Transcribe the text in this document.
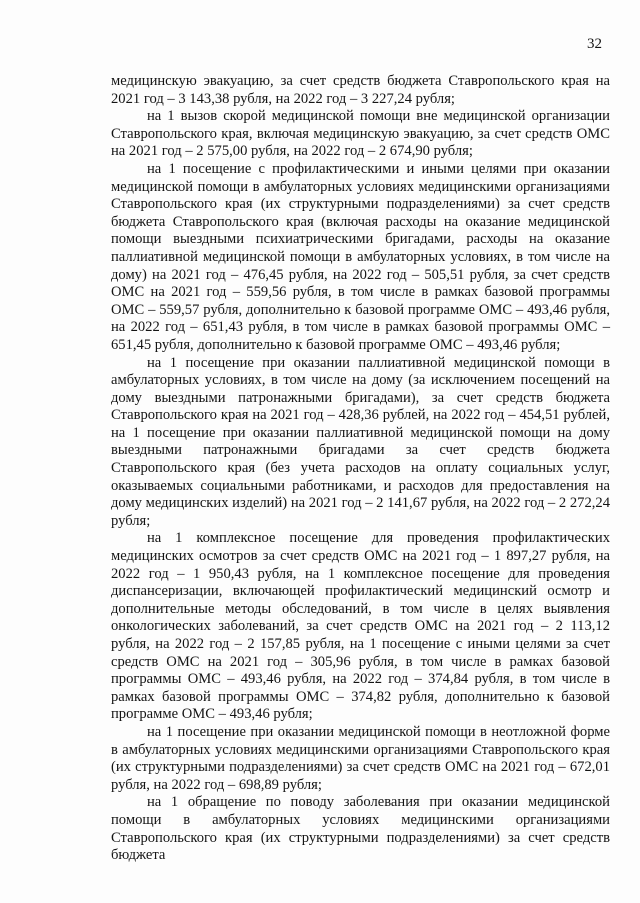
32

медицинскую эвакуацию, за счет средств бюджета Ставропольского края на 2021 год – 3 143,38 рубля, на 2022 год – 3 227,24 рубля;

на 1 вызов скорой медицинской помощи вне медицинской организации Ставропольского края, включая медицинскую эвакуацию, за счет средств ОМС на 2021 год – 2 575,00 рубля, на 2022 год – 2 674,90 рубля;

на 1 посещение с профилактическими и иными целями при оказании медицинской помощи в амбулаторных условиях медицинскими организациями Ставропольского края (их структурными подразделениями) за счет средств бюджета Ставропольского края (включая расходы на оказание медицинской помощи выездными психиатрическими бригадами, расходы на оказание паллиативной медицинской помощи в амбулаторных условиях, в том числе на дому) на 2021 год – 476,45 рубля, на 2022 год – 505,51 рубля, за счет средств ОМС на 2021 год – 559,56 рубля, в том числе в рамках базовой программы ОМС – 559,57 рубля, дополнительно к базовой программе ОМС – 493,46 рубля, на 2022 год – 651,43 рубля, в том числе в рамках базовой программы ОМС – 651,45 рубля, дополнительно к базовой программе ОМС – 493,46 рубля;

на 1 посещение при оказании паллиативной медицинской помощи в амбулаторных условиях, в том числе на дому (за исключением посещений на дому выездными патронажными бригадами), за счет средств бюджета Ставропольского края на 2021 год – 428,36 рублей, на 2022 год – 454,51 рублей, на 1 посещение при оказании паллиативной медицинской помощи на дому выездными патронажными бригадами за счет средств бюджета Ставропольского края (без учета расходов на оплату социальных услуг, оказываемых социальными работниками, и расходов для предоставления на дому медицинских изделий) на 2021 год – 2 141,67 рубля, на 2022 год – 2 272,24 рубля;

на 1 комплексное посещение для проведения профилактических медицинских осмотров за счет средств ОМС на 2021 год – 1 897,27 рубля, на 2022 год – 1 950,43 рубля, на 1 комплексное посещение для проведения диспансеризации, включающей профилактический медицинский осмотр и дополнительные методы обследований, в том числе в целях выявления онкологических заболеваний, за счет средств ОМС на 2021 год – 2 113,12 рубля, на 2022 год – 2 157,85 рубля, на 1 посещение с иными целями за счет средств ОМС на 2021 год – 305,96 рубля, в том числе в рамках базовой программы ОМС – 493,46 рубля, на 2022 год – 374,84 рубля, в том числе в рамках базовой программы ОМС – 374,82 рубля, дополнительно к базовой программе ОМС – 493,46 рубля;

на 1 посещение при оказании медицинской помощи в неотложной форме в амбулаторных условиях медицинскими организациями Ставропольского края (их структурными подразделениями) за счет средств ОМС на 2021 год – 672,01 рубля, на 2022 год – 698,89 рубля;

на 1 обращение по поводу заболевания при оказании медицинской помощи в амбулаторных условиях медицинскими организациями Ставропольского края (их структурными подразделениями) за счет средств бюджета
